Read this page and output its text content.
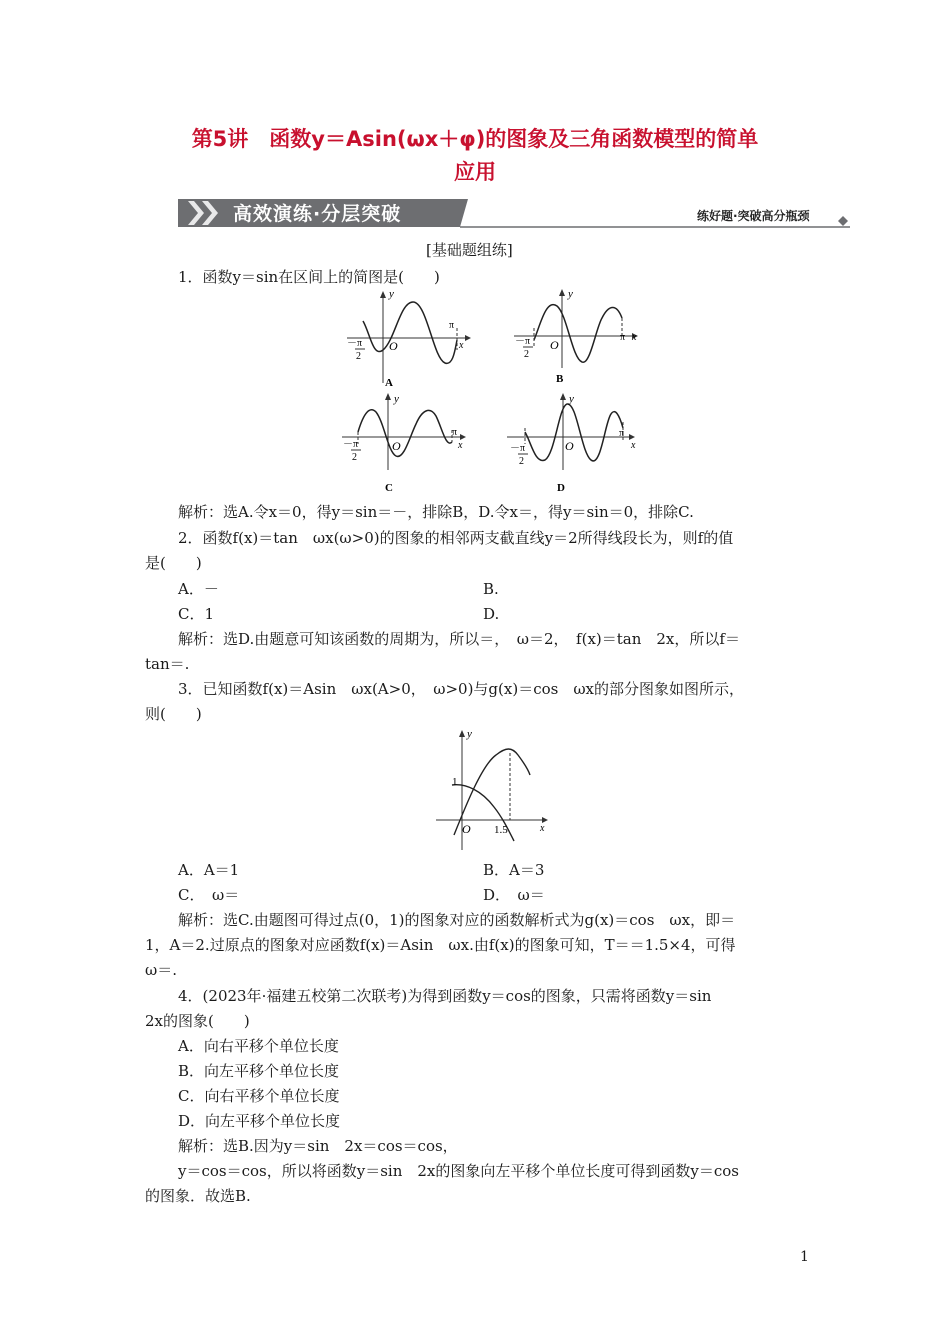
第5讲　函数y＝Asin(ωx＋φ)的图象及三角函数模型的简单
应用
高效演练·分层突破	练好题·突破高分瓶颈
[基础题组练]
1．函数y＝sin在区间上的简图是(　　)
y
x
O
π
－π
2
A
y
x
O
π
－π
2
B
y
x
O
π
－π
2
C
y
x
O
π
－π
2
D
解析：选A.令x＝0，得y＝sin＝－，排除B，D.令x＝，得y＝sin＝0，排除C.
2．函数f(x)＝tan　ωx(ω>0)的图象的相邻两支截直线y＝2所得线段长为，则f的值
是(　　)
A．－	B.
C．1	D.
解析：选D.由题意可知该函数的周期为，所以＝，　ω＝2，　f(x)＝tan　2x，所以f＝
tan＝.
3．已知函数f(x)＝Asin　ωx(A>0，　ω>0)与g(x)＝cos　ωx的部分图象如图所示，
则(　　)
y
x
1
O 1.5
A．A＝1	B．A＝3
C．　ω＝	D．　ω＝
解析：选C.由题图可得过点(0，1)的图象对应的函数解析式为g(x)＝cos　ωx，即＝
1，A＝2.过原点的图象对应函数f(x)＝Asin　ωx.由f(x)的图象可知，T＝＝1.5×4，可得
ω＝.
4．(2023年·福建五校第二次联考)为得到函数y＝cos的图象，只需将函数y＝sin
2x的图象(　　)
A．向右平移个单位长度
B．向左平移个单位长度
C．向右平移个单位长度
D．向左平移个单位长度
解析：选B.因为y＝sin　2x＝cos＝cos，
y＝cos＝cos，所以将函数y＝sin　2x的图象向左平移个单位长度可得到函数y＝cos
的图象．故选B.
1
